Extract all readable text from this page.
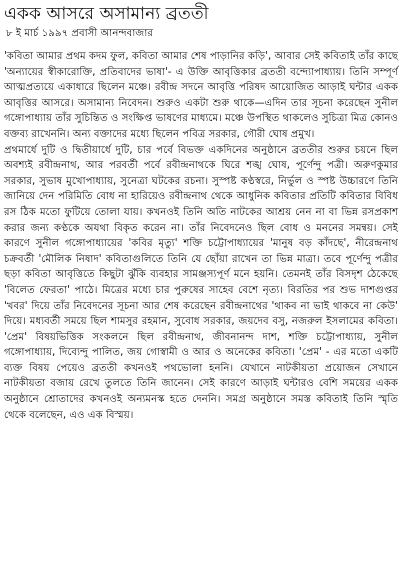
একক আসরে অসামান্য ব্রততী
৮ ই মার্চ ১৯৯৭ প্রবাসী আনন্দবাজার

'কবিতা আমার প্রথম কদম ফুল, কবিতা আমার শেষ পাড়ানির কড়ি', আবার সেই কবিতাই তাঁর কাছে 'অন্যায়ের স্বীকারোক্তি, প্রতিবাদের ভাষা'- এ উক্তি আবৃত্তিকার ব্রততী বন্দ্যোপাধ্যায়। তিনি সম্পূর্ণ আত্মপ্রত্যয়ে একাধারে ছিলেন মঞ্চে। রবীন্দ্র সদনে আবৃত্তি পরিষদ আয়োজিত আড়াই ঘন্টার একক আবৃত্তির আসরে। অসামান্য নিবেদন। শুরুও একটা শুরু থাকে—এদিন তার সূচনা করেছেন সুনীল গঙ্গোপাধ্যায় তাঁর সুচিন্তিত ও সংক্ষিপ্ত ভাষণের মাধ্যমে। মঞ্চে উপস্থিত থাকলেও সুচিত্রা মিত্র কোনও বক্তব্য রাখেননি। অন্য বক্তাদের মধ্যে ছিলেন পবিত্র সরকার, গৌরী ঘোষ প্রমুখ।

প্রথমার্ধে দুটি ও দ্বিতীয়ার্ধে দুটি, চার পর্বে বিভক্ত একদিনের অনুষ্ঠানে ব্রততীর শুরুর চয়নে ছিল অবশ্যই রবীন্দ্রনাথ, আর পরবর্তী পর্বে রবীন্দ্রনাথকে ঘিরে শঙ্খ ঘোষ, পূর্ণেন্দু পত্রী। অরুণকুমার সরকার, সুভাষ মুখোপাধ্যায়, সুনেত্রা ঘটকের রচনা। সুস্পষ্ট কণ্ঠস্বরে, নির্ভুল ও স্পষ্ট উচ্চারণে তিনি জানিয়ে দেন পরিমিতি বোধ না হারিয়েও রবীন্দ্রনাথ থেকে আধুনিক কবিতার প্রতিটি কবিতার বিবিধ রস ঠিক মতো ফুটিয়ে তোলা যায়। কখনওই তিনি অতি নাটকের আশ্রয় নেন না বা ভিন্ন রসপ্রকাশ করার জন্য কণ্ঠকে অযথা বিকৃত করেন না। তাঁর নিবেদনেও ছিল বোধ ও মননের সমন্বয়। সেই কারণে সুনীল গঙ্গোপাধ্যায়ের 'কবির মৃত্যু' শক্তি চট্টোপাধ্যায়ের 'মানুষ বড় কাঁদছে', নীরেন্দ্রনাথ চক্রবর্তী 'মৌলিক নিষাদ' কবিতাগুলিতে তিনি যে ছোঁয়া রাখেন তা ভিন্ন মাত্রা। তবে পূর্ণেন্দু পত্রীর ছড়া কবিতা আবৃত্তিতে কিছুটা ঝুঁকি ব্যবহার সামঞ্জস্যপূর্ণ মনে হয়নি। তেমনই তাঁর বিসদৃশ ঠেকেছে 'বিলেত ফেরতা' পাঠে। মিত্রের মধ্যে চার পুরুষের সাহেব বেশে নৃত্য। বিরতির পর শুভ দাশগুপ্তর 'খবর' দিয়ে তাঁর নিবেদনের সূচনা আর শেষ করেছেন রবীন্দ্রনাথের 'থাকব না ভাই থাকবে না কেউ' দিয়ে। মধ্যবর্তী সময়ে ছিল শামসুর রহমান, সুবোধ সরকার, জয়দেব বসু, নজরুল ইসলামের কবিতা। 'প্রেম' বিষয়ভিত্তিক সংকলনে ছিল রবীন্দ্রনাথ, জীবনানন্দ দাশ, শক্তি চট্টোপাধ্যায়, সুনীল গঙ্গোপাধ্যায়, দিব্যেন্দু পালিত, জয় গোস্বামী ও আর ও অনেকের কবিতা। 'প্রেম' - এর মতো একটি ব্যক্ত বিষয় পেয়েও ব্রততী কখনওই পথভোলা হননি। যেখানে নাটকীয়তা প্রয়োজন সেখানে নাটকীয়তা বজায় রেখে তুলতে তিনি জানেন। সেই কারণে আড়াই ঘন্টারও বেশি সময়ের একক অনুষ্ঠানে শ্রোতাদের কখনওই অন্যমনস্ক হতে দেননি। সমগ্র অনুষ্ঠানে সমস্ত কবিতাই তিনি স্মৃতি থেকে বলেছেন, এও এক বিস্ময়।
